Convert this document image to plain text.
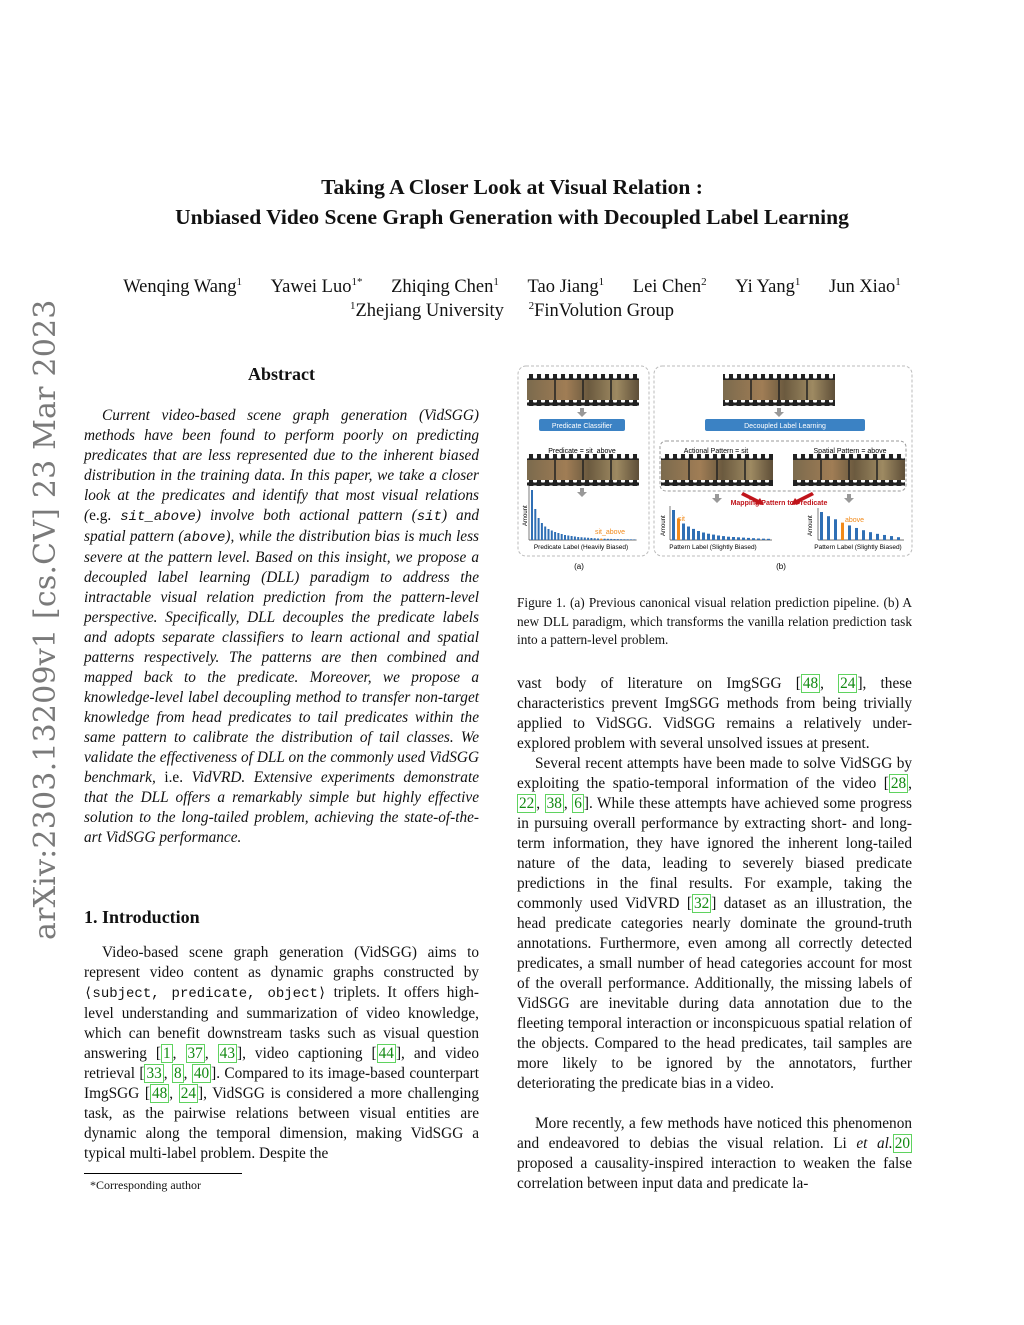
Taking A Closer Look at Visual Relation :
Unbiased Video Scene Graph Generation with Decoupled Label Learning
Wenqing Wang$^1$ Yawei Luo$^{1*}$ Zhiqing Chen$^1$ Tao Jiang$^1$ Lei Chen$^2$ Yi Yang$^1$ Jun Xiao$^1$
$^1$Zhejiang University $^2$FinVolution Group
arXiv:2303.13209v1 [cs.CV] 23 Mar 2023	Abstract
Current video-based scene graph generation (VidSGG) methods have been found to perform poorly on predicting predicates that are less represented due to the inherent biased distribution in the training data. In this paper, we take a closer look at the predicates and identify that most visual relations (e.g. sit_above) involve both actional pattern (sit) and spatial pattern (above), while the distribution bias is much less severe at the pattern level. Based on this insight, we propose a decoupled label learning (DLL) paradigm to address the intractable visual relation prediction from the pattern-level perspective. Specifically, DLL decouples the predicate labels and adopts separate classifiers to learn actional and spatial patterns respectively. The patterns are then combined and mapped back to the predicate. Moreover, we propose a knowledge-level label decoupling method to transfer non-target knowledge from head predicates to tail predicates within the same pattern to calibrate the distribution of tail classes. We validate the effectiveness of DLL on the commonly used VidSGG benchmark, i.e. VidVRD. Extensive experiments demonstrate that the DLL offers a remarkably simple but highly effective solution to the long-tailed problem, achieving the state-of-the-art VidSGG performance.
1. Introduction
Video-based scene graph generation (VidSGG) aims to represent video content as dynamic graphs constructed by ⟨subject, predicate, object⟩ triplets. It offers high-level understanding and summarization of video knowledge, which can benefit downstream tasks such as visual question answering [ 1 , 37 , 43 ], video captioning [ 44 ], and video retrieval [ 33 , 8 , 40 ]. Compared to its image-based counterpart ImgSGG [ 48 , 24 ], VidSGG is considered a more challenging task, as the pairwise relations between visual entities are dynamic along the temporal dimension, making VidSGG a typical multi-label problem. Despite the
*Corresponding author
Predicate Classifier	Decoupled Label Learning
Predicate = sit_above	Actional Pattern = sit	Spatial Pattern = above
Mapping Pattern to Predicate
Amount	Amount	Amount
sit_above
sit	above
Predicate Label (Heavily Biased)	Pattern Label (Slightly Biased)	Pattern Label (Slightly Biased)
(a)	(b)
Figure 1. (a) Previous canonical visual relation prediction pipeline. (b) A new DLL paradigm, which transforms the vanilla relation prediction task into a pattern-level problem.
vast body of literature on ImgSGG [ 48 , 24 ], these characteristics prevent ImgSGG methods from being trivially applied to VidSGG. VidSGG remains a relatively under-explored problem with several unsolved issues at present.
Several recent attempts have been made to solve VidSGG by exploiting the spatio-temporal information of the video [ 28 , 22 , 38 , 6 ]. While these attempts have achieved some progress in pursuing overall performance by extracting short- and long-term information, they have ignored the inherent long-tailed nature of the data, leading to severely biased predicate predictions in the final results. For example, taking the commonly used VidVRD [ 32 ] dataset as an illustration, the head predicate categories nearly dominate the ground-truth annotations. Furthermore, even among all correctly detected predicates, a small number of head categories account for most of the overall performance. Additionally, the missing labels of VidSGG are inevitable during data annotation due to the fleeting temporal interaction or inconspicuous spatial relation of the objects. Compared to the head predicates, tail samples are more likely to be ignored by the annotators, further deteriorating the predicate bias in a video.
More recently, a few methods have noticed this phenomenon and endeavored to debias the visual relation. Li et al. 20 proposed a causality-inspired interaction to weaken the false correlation between input data and predicate la-
